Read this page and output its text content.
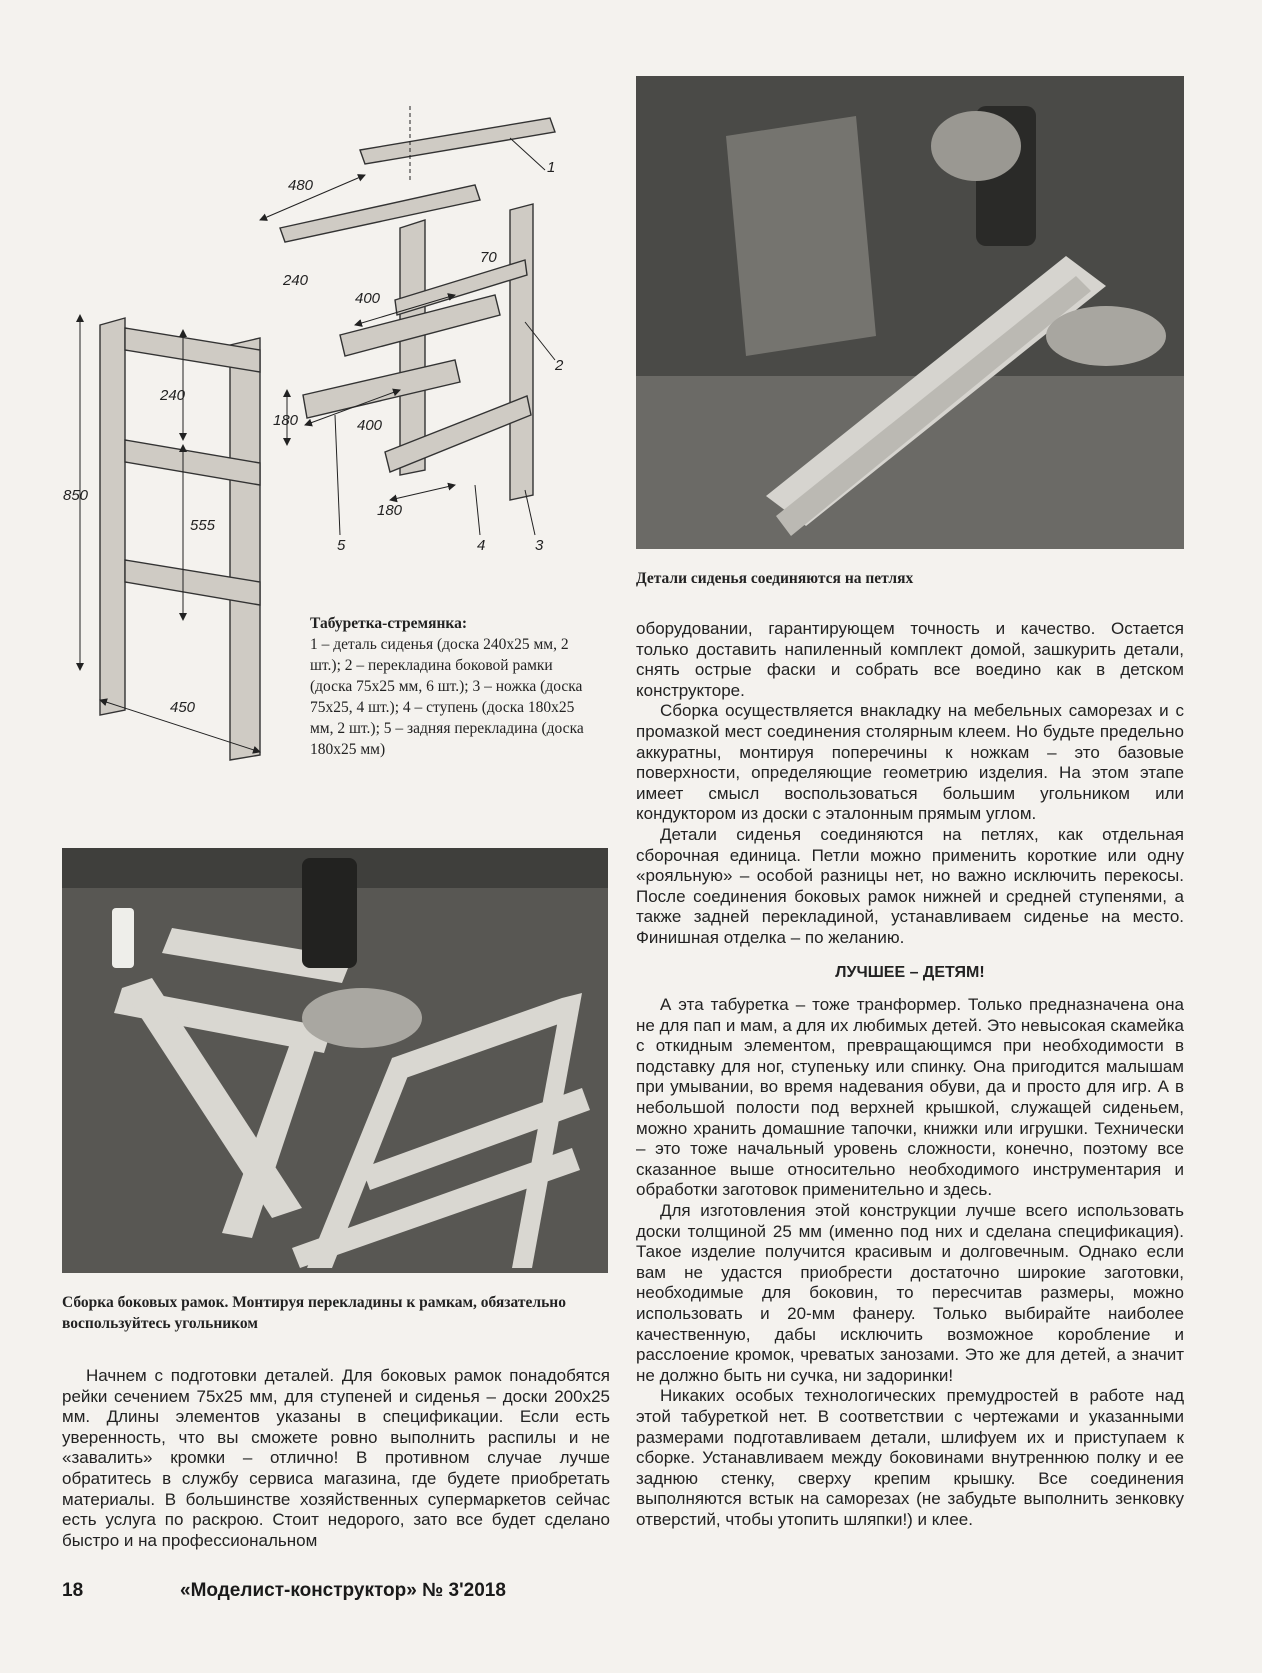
480
240
70
400
400
180
180
240
555
850
450
1
2
3
4
5
Табуретка-стремянка:
1 – деталь сиденья (доска 240х25 мм, 2 шт.); 2 – перекладина боковой рамки (доска 75х25 мм, 6 шт.); 3 – ножка (доска 75х25, 4 шт.); 4 – ступень (доска 180х25 мм, 2 шт.); 5 – задняя перекладина (доска 180х25 мм)
Детали сиденья соединяются на петлях
Сборка боковых рамок. Монтируя перекладины к рамкам, обязательно воспользуйтесь угольником

Начнем с подготовки деталей. Для боковых рамок понадобятся рейки сечением 75х25 мм, для ступеней и сиденья – доски 200х25 мм. Длины элементов указаны в спецификации. Если есть уверенность, что вы сможете ровно выполнить распилы и не «завалить» кромки – отлично! В противном случае лучше обратитесь в службу сервиса магазина, где будете приобретать материалы. В большинстве хозяйственных супермаркетов сейчас есть услуга по раскрою. Стоит недорого, зато все будет сделано быстро и на профессиональном

оборудовании, гарантирующем точность и качество. Остается только доставить напиленный комплект домой, зашкурить детали, снять острые фаски и собрать все воедино как в детском конструкторе.

Сборка осуществляется внакладку на мебельных саморезах и с промазкой мест соединения столярным клеем. Но будьте предельно аккуратны, монтируя поперечины к ножкам – это базовые поверхности, определяющие геометрию изделия. На этом этапе имеет смысл воспользоваться большим угольником или кондуктором из доски с эталонным прямым углом.

Детали сиденья соединяются на петлях, как отдельная сборочная единица. Петли можно применить короткие или одну «рояльную» – особой разницы нет, но важно исключить перекосы. После соединения боковых рамок нижней и средней ступенями, а также задней перекладиной, устанавливаем сиденье на место. Финишная отделка – по желанию.

ЛУЧШЕЕ – ДЕТЯМ!

А эта табуретка – тоже транформер. Только предназначена она не для пап и мам, а для их любимых детей. Это невысокая скамейка с откидным элементом, превращающимся при необходимости в подставку для ног, ступеньку или спинку. Она пригодится малышам при умывании, во время надевания обуви, да и просто для игр. А в небольшой полости под верхней крышкой, служащей сиденьем, можно хранить домашние тапочки, книжки или игрушки. Технически – это тоже начальный уровень сложности, конечно, поэтому все сказанное выше относительно необходимого инструментария и обработки заготовок применительно и здесь.

Для изготовления этой конструкции лучше всего использовать доски толщиной 25 мм (именно под них и сделана спецификация). Такое изделие получится красивым и долговечным. Однако если вам не удастся приобрести достаточно широкие заготовки, необходимые для боковин, то пересчитав размеры, можно использовать и 20-мм фанеру. Только выбирайте наиболее качественную, дабы исключить возможное коробление и расслоение кромок, чреватых занозами. Это же для детей, а значит не должно быть ни сучка, ни задоринки!

Никаких особых технологических премудростей в работе над этой табуреткой нет. В соответствии с чертежами и указанными размерами подготавливаем детали, шлифуем их и приступаем к сборке. Устанавливаем между боковинами внутреннюю полку и ее заднюю стенку, сверху крепим крышку. Все соединения выполняются встык на саморезах (не забудьте выполнить зенковку отверстий, чтобы утопить шляпки!) и клее.

18	«Моделист-конструктор» № 3'2018
